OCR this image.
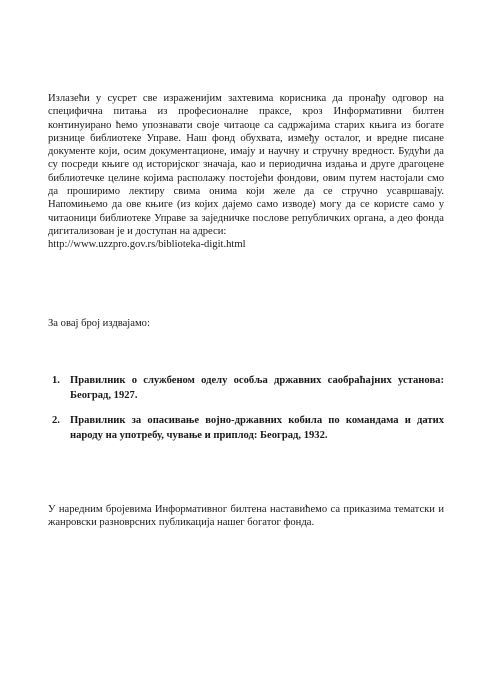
Излазећи у сусрет све израженијим захтевима корисника да пронађу одговор на специфична питања из професионалне праксе, кроз Информативни билтен континуирано ћемо упознавати своје читаоце са садржајима старих књига из богате ризнице библиотеке Управе. Наш фонд обухвата, између осталог, и вредне писане документе који, осим документационе, имају и научну и стручну вредност. Будући да су посреди књиге од историјског значаја, као и периодична издања и друге драгоцене библиотечке целине којима располажу постојећи фондови, овим путем настојали смо да проширимо лектиру свима онима који желе да се стручно усавршавају. Напомињемо да ове књиге (из којих дајемо само изводе) могу да се користе само у читаоници библиотеке Управе за заједничке послове републичких органа, а део фонда дигитализован је и доступан на адреси:
http://www.uzzpro.gov.rs/biblioteka-digit.html

За овај број издвајамо:

1. Правилник о службеном оделу особља државних саобраћајних установа: Београд, 1927.
2. Правилник за опасивање војно-државних кобила по командама и датих народу на употребу, чување и приплод: Београд, 1932.

У наредним бројевима Информативног билтена наставићемо са приказима тематски и жанровски разноврсних публикација нашег богатог фонда.
